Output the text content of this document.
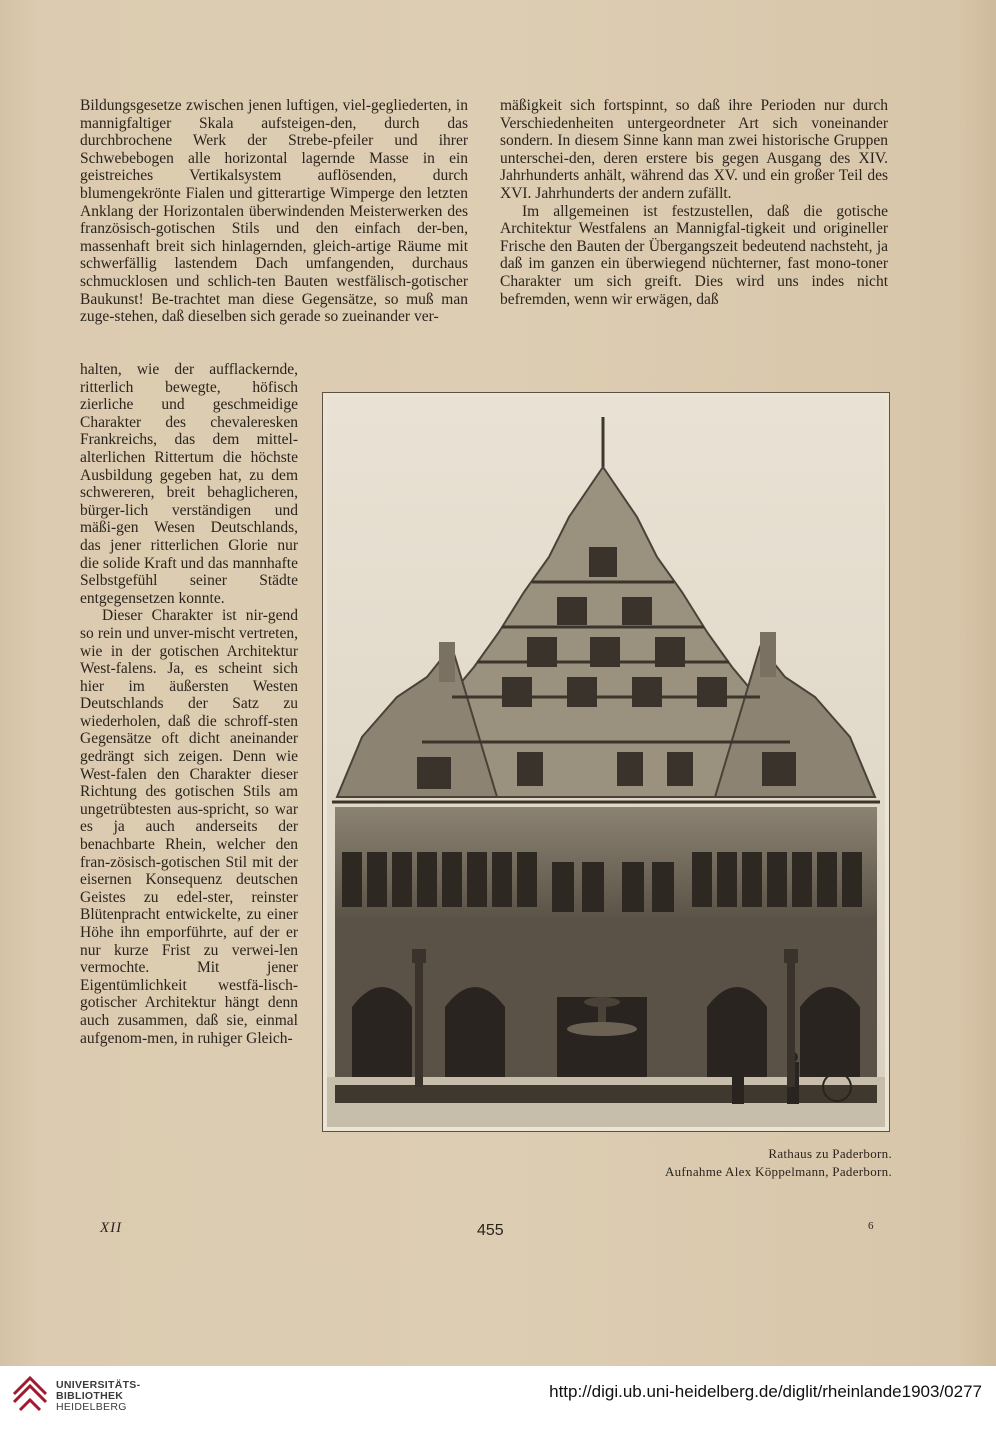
Bildungsgesetze zwischen jenen luftigen, viel-gegliederten, in mannigfaltiger Skala aufsteigen-den, durch das durchbrochene Werk der Strebe-pfeiler und ihrer Schwebebogen alle horizontal lagernde Masse in ein geistreiches Vertikalsystem auflösenden, durch blumengekrönte Fialen und gitterartige Wimperge den letzten Anklang der Horizontalen überwindenden Meisterwerken des französisch-gotischen Stils und den einfach der-ben, massenhaft breit sich hinlagernden, gleich-artige Räume mit schwerfällig lastendem Dach umfangenden, durchaus schmucklosen und schlich-ten Bauten westfälisch-gotischer Baukunst! Be-trachtet man diese Gegensätze, so muß man zuge-stehen, daß dieselben sich gerade so zueinander ver-

halten, wie der aufflackernde, ritterlich bewegte, höfisch zierliche und geschmeidige Charakter des chevaleresken Frankreichs, das dem mittel-alterlichen Rittertum die höchste Ausbildung gegeben hat, zu dem schwereren, breit behaglicheren, bürger-lich verständigen und mäßi-gen Wesen Deutschlands, das jener ritterlichen Glorie nur die solide Kraft und das mannhafte Selbstgefühl seiner Städte entgegensetzen konnte.

Dieser Charakter ist nir-gend so rein und unver-mischt vertreten, wie in der gotischen Architektur West-falens. Ja, es scheint sich hier im äußersten Westen Deutschlands der Satz zu wiederholen, daß die schroff-sten Gegensätze oft dicht aneinander gedrängt sich zeigen. Denn wie West-falen den Charakter dieser Richtung des gotischen Stils am ungetrübtesten aus-spricht, so war es ja auch anderseits der benachbarte Rhein, welcher den fran-zösisch-gotischen Stil mit der eisernen Konsequenz deutschen Geistes zu edel-ster, reinster Blütenpracht entwickelte, zu einer Höhe ihn emporführte, auf der er nur kurze Frist zu verwei-len vermochte. Mit jener Eigentümlichkeit westfä-lisch-gotischer Architektur hängt denn auch zusammen, daß sie, einmal aufgenom-men, in ruhiger Gleich-

mäßigkeit sich fortspinnt, so daß ihre Perioden nur durch Verschiedenheiten untergeordneter Art sich voneinander sondern. In diesem Sinne kann man zwei historische Gruppen unterschei-den, deren erstere bis gegen Ausgang des XIV. Jahrhunderts anhält, während das XV. und ein großer Teil des XVI. Jahrhunderts der andern zufällt.

Im allgemeinen ist festzustellen, daß die gotische Architektur Westfalens an Mannigfal-tigkeit und origineller Frische den Bauten der Übergangszeit bedeutend nachsteht, ja daß im ganzen ein überwiegend nüchterner, fast mono-toner Charakter um sich greift. Dies wird uns indes nicht befremden, wenn wir erwägen, daß

Rathaus zu Paderborn.
Aufnahme Alex Köppelmann, Paderborn.
XII	455	6
UNIVERSITÄTS-
BIBLIOTHEK
HEIDELBERG
http://digi.ub.uni-heidelberg.de/diglit/rheinlande1903/0277
